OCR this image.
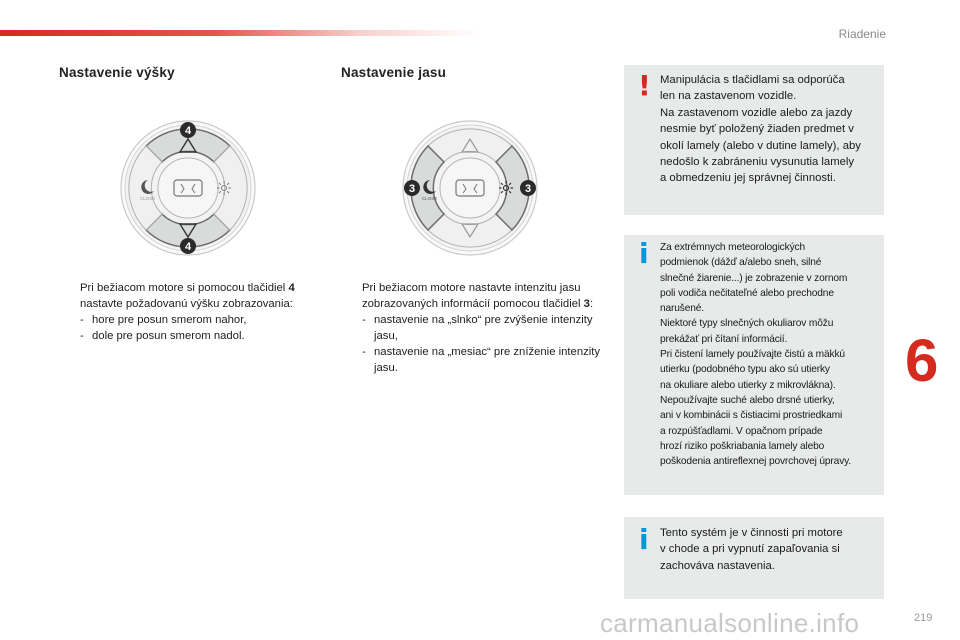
Riadenie
Nastavenie výšky	Nastavenie jasu
CLOSE
4
4
CLOSE
3	3

Pri bežiacom motore si pomocou tlačidiel 4 nastavte požadovanú výšku zobrazovania:

- hore pre posun smerom nahor,
- dole pre posun smerom nadol.

Pri bežiacom motore nastavte intenzitu jasu zobrazovaných informácií pomocou tlačidiel 3:

- nastavenie na „slnko“ pre zvýšenie intenzity jasu,
- nastavenie na „mesiac“ pre zníženie intenzity jasu.
! Manipulácia s tlačidlami sa odporúča
len na zastavenom vozidle.
Na zastavenom vozidle alebo za jazdy
nesmie byť položený žiaden predmet v
okolí lamely (alebo v dutine lamely), aby
nedošlo k zabráneniu vysunutia lamely
a obmedzeniu jej správnej činnosti.
i Za extrémnych meteorologických
podmienok (dážď a/alebo sneh, silné
slnečné žiarenie...) je zobrazenie v zornom
poli vodiča nečitateľné alebo prechodne
narušené.
Niektoré typy slnečných okuliarov môžu
prekážať pri čítaní informácií.
Pri čistení lamely používajte čistú a mäkkú
utierku (podobného typu ako sú utierky
na okuliare alebo utierky z mikrovlákna).
Nepoužívajte suché alebo drsné utierky,
ani v kombinácii s čistiacimi prostriedkami
a rozpúšťadlami. V opačnom prípade
hrozí riziko poškriabania lamely alebo
poškodenia antireflexnej povrchovej úpravy.
i Tento systém je v činnosti pri motore
v chode a pri vypnutí zapaľovania si
zachováva nastavenia.
6
219
carmanualsonline.info
